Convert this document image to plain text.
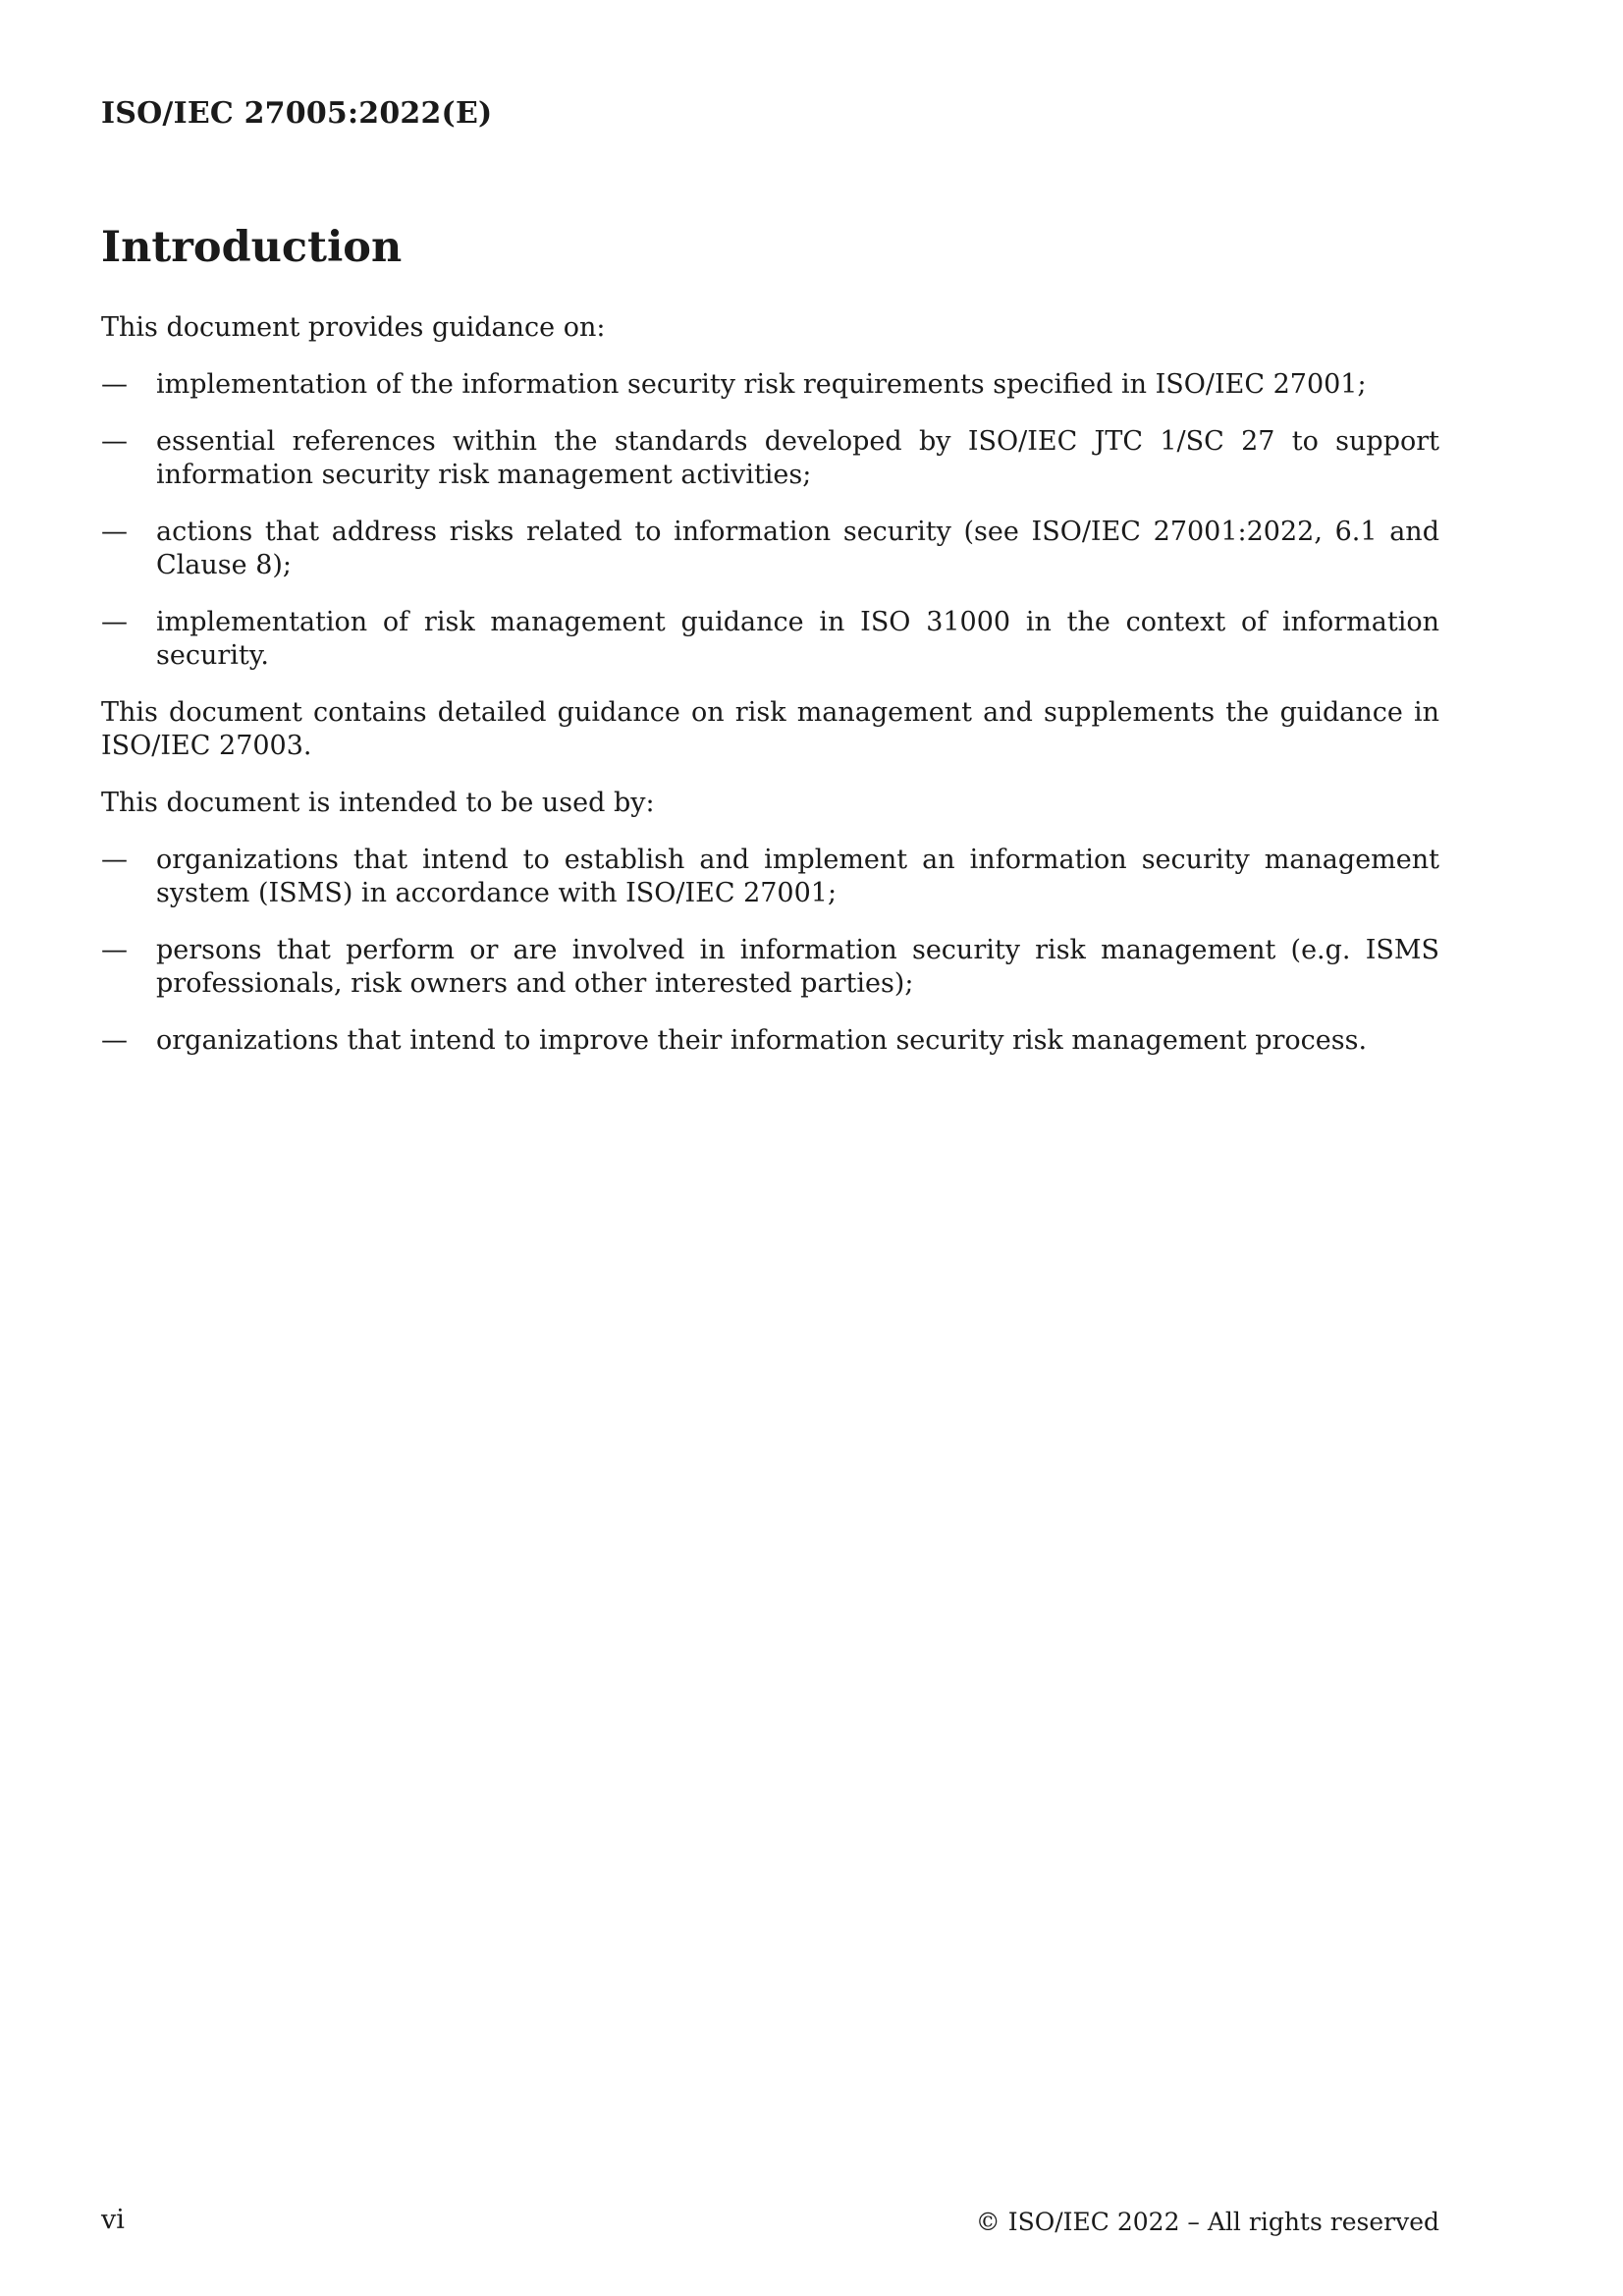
ISO/IEC 27005:2022(E)
Introduction

This document provides guidance on:

—	implementation of the information security risk requirements specified in ISO/IEC 27001;
—	essential references within the standards developed by ISO/IEC JTC 1/SC 27 to support information security risk management activities;
—	actions that address risks related to information security (see ISO/IEC 27001:2022, 6.1 and Clause 8);
—	implementation of risk management guidance in ISO 31000 in the context of information security.

This document contains detailed guidance on risk management and supplements the guidance in ISO/IEC 27003.

This document is intended to be used by:

—	organizations that intend to establish and implement an information security management system (ISMS) in accordance with ISO/IEC 27001;
—	persons that perform or are involved in information security risk management (e.g. ISMS professionals, risk owners and other interested parties);
—	organizations that intend to improve their information security risk management process.
vi	© ISO/IEC 2022 – All rights reserved
